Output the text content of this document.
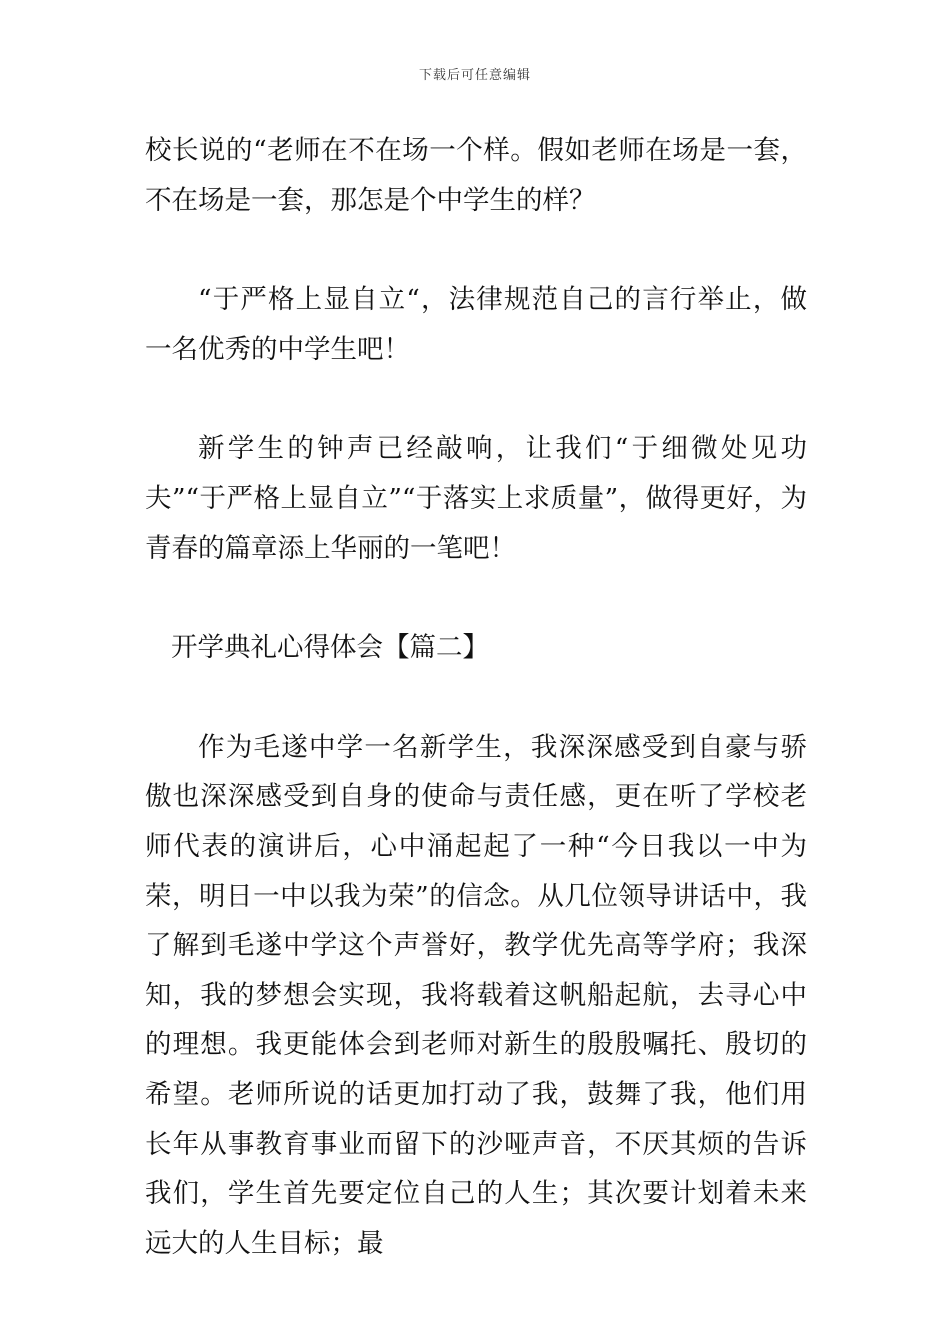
下载后可任意编辑

校长说的“老师在不在场一个样。假如老师在场是一套，不在场是一套，那怎是个中学生的样？

“于严格上显自立“，法律规范自己的言行举止，做一名优秀的中学生吧！

新学生的钟声已经敲响，让我们“于细微处见功夫”“于严格上显自立”“于落实上求质量”，做得更好，为青春的篇章添上华丽的一笔吧！

开学典礼心得体会【篇二】

作为毛遂中学一名新学生，我深深感受到自豪与骄傲也深深感受到自身的使命与责任感，更在听了学校老师代表的演讲后，心中涌起起了一种“今日我以一中为荣，明日一中以我为荣”的信念。从几位领导讲话中，我了解到毛遂中学这个声誉好，教学优先高等学府；我深知，我的梦想会实现，我将载着这帆船起航，去寻心中的理想。我更能体会到老师对新生的殷殷嘱托、殷切的希望。老师所说的话更加打动了我，鼓舞了我，他们用长年从事教育事业而留下的沙哑声音，不厌其烦的告诉我们，学生首先要定位自己的人生；其次要计划着未来远大的人生目标；最
